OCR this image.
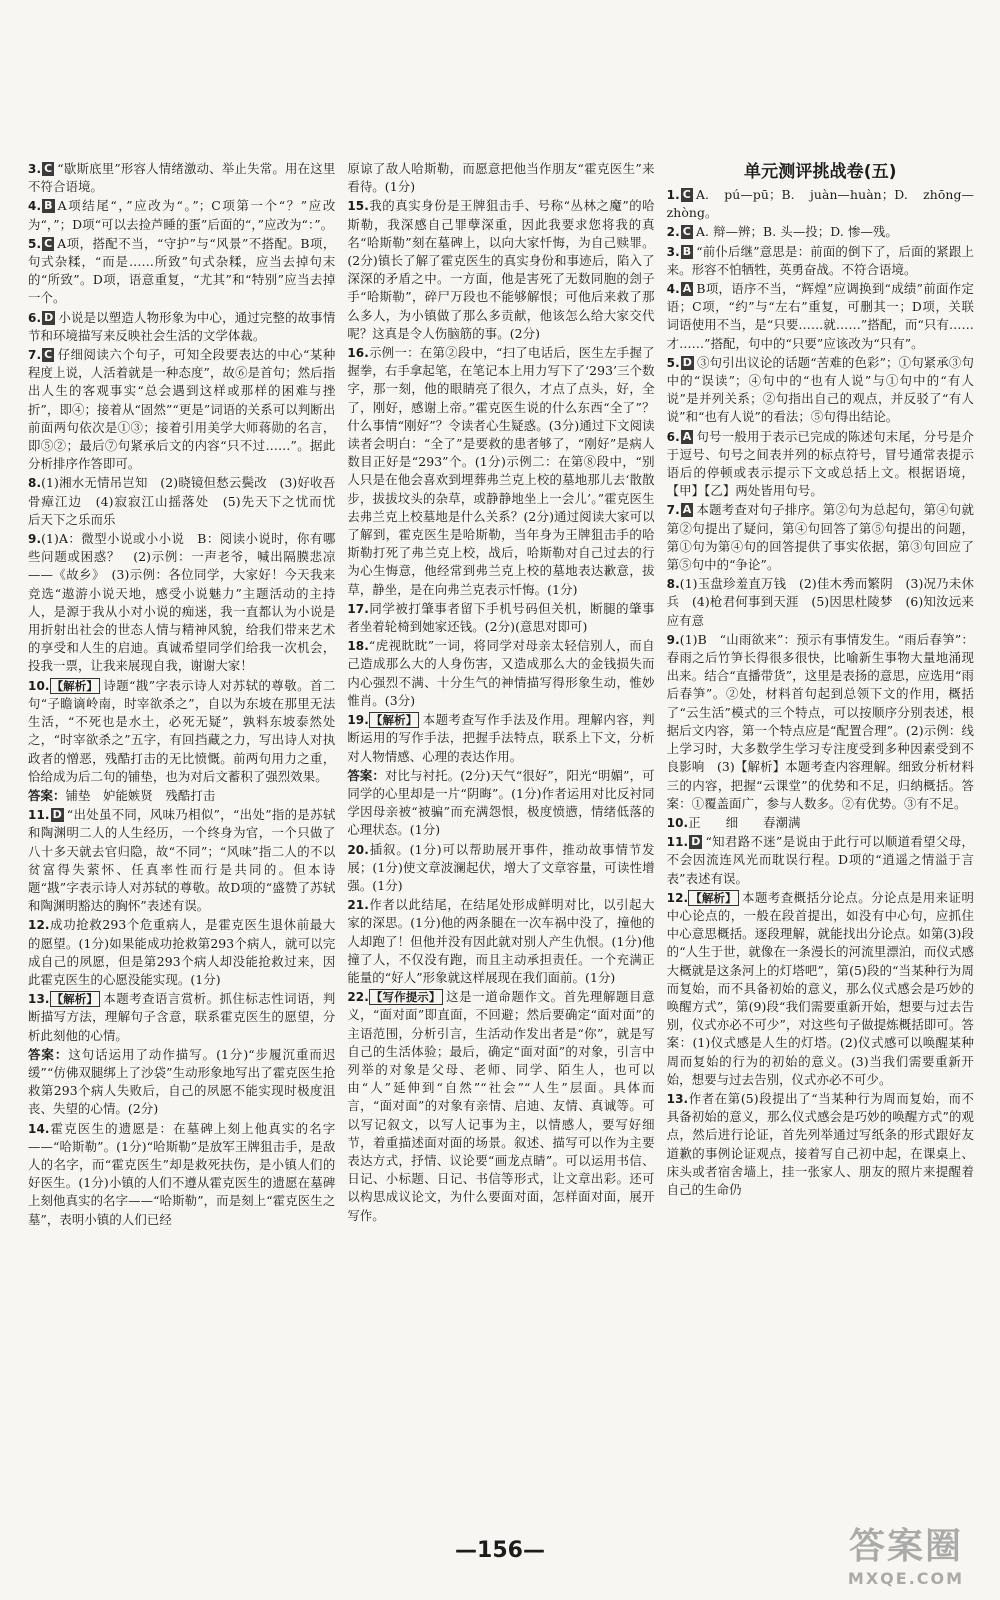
3. C “歇斯底里”形容人情绪激动、举止失常。用在这里不符合语境。
4. B A项结尾“，”应改为“。”；C项第一个“？”应改为“，”；D项“可以去捡芦睡的蛋”后面的“，”应改为“：”。
5. C A项，搭配不当，“守护”与“风景”不搭配。B项，句式杂糅，“而是……所致”句式杂糅，应当去掉句末的“所致”。D项，语意重复，“尤其”和“特别”应当去掉一个。
6. D 小说是以塑造人物形象为中心，通过完整的故事情节和环境描写来反映社会生活的文学体裁。
7. C 仔细阅读六个句子，可知全段要表达的中心“某种程度上说，人活着就是一种态度”，故⑥是首句；然后指出人生的客观事实“总会遇到这样或那样的困难与挫折”，即④；接着从“固然”“更是”词语的关系可以判断出前面两句依次是①③；接着引用美学大师蒋勋的名言，即⑤②；最后⑦句紧承后文的内容“只不过……”。据此分析排序作答即可。
8.(1)湘水无情吊岂知　(2)晓镜但愁云鬓改　(3)好收吾骨瘴江边　(4)寂寂江山摇落处　(5)先天下之忧而忧　后天下之乐而乐
9.(1)A：微型小说或小小说　B：阅读小说时，你有哪些问题或困惑？　(2)示例：一声老爷，喊出隔膜悲凉——《故乡》　(3)示例：各位同学，大家好！今天我来竞选“遨游小说天地，感受小说魅力”主题活动的主持人，是源于我从小对小说的痴迷，我一直都认为小说是用折射出社会的世态人情与精神风貌，给我们带来艺术的享受和人生的启迪。真诚希望同学们给我一次机会，投我一票，让我来展现自我，谢谢大家！
10. 【解析】 诗题“戡”字表示诗人对苏轼的尊敬。首二句“子瞻谪岭南，时宰欲杀之”，自以为东坡在那里无法生活，“不死也是水土，必死无疑”，孰料东坡泰然处之，“时宰欲杀之”五字，有回挡藏之力，写出诗人对执政者的憎恶，残酷打击的无比愤慨。前两句用力之重，恰给成为后二句的铺垫，也为对后文蓄积了强烈效果。
答案：铺垫　妒能嫉贤　残酷打击
11. D “出处虽不同，风味乃相似”，“出处”指的是苏轼和陶渊明二人的人生经历，一个终身为官，一个只做了八十多天就去官归隐，故“不同”；“风味”指二人的不以贫富得失萦怀、任真率性而行是共同的。但本诗题“戡”字表示诗人对苏轼的尊敬。故D项的“盛赞了苏轼和陶渊明豁达的胸怀”表述有误。
12.成功抢救293个危重病人，是霍克医生退休前最大的愿望。(1分)如果能成功抢救第293个病人，就可以完成自己的夙愿，但是第293个病人却没能抢救过来，因此霍克医生的心愿没能实现。(1分)
13. 【解析】 本题考查语言赏析。抓住标志性词语，判断描写方法，理解句子含意，联系霍克医生的愿望，分析此刻他的心情。
答案：这句话运用了动作描写。(1分)“步履沉重而迟缓”“仿佛双腿绑上了沙袋”生动形象地写出了霍克医生抢救第293个病人失败后，自己的夙愿不能实现时极度沮丧、失望的心情。(2分)
14.霍克医生的遗愿是：在墓碑上刻上他真实的名字——“哈斯勒”。(1分)“哈斯勒”是放军王牌狙击手，是敌人的名字，而“霍克医生”却是救死扶伤，是小镇人们的好医生。(1分)小镇的人们不遵从霍克医生的遗愿在墓碑上刻他真实的名字——“哈斯勒”，而是刻上“霍克医生之墓”，表明小镇的人们已经
原谅了敌人哈斯勒，而愿意把他当作朋友“霍克医生”来看待。(1分)
15.我的真实身份是王牌狙击手、号称“丛林之魔”的哈斯勒，我深感自己罪孽深重，因此我要求您将我的真名“哈斯勒”刻在墓碑上，以向大家忏悔，为自己赎罪。(2分)镇长了解了霍克医生的真实身份和事迹后，陷入了深深的矛盾之中。一方面，他是害死了无数同胞的刽子手“哈斯勒”，碎尸万段也不能够解恨；可他后来救了那么多人，为小镇做了那么多贡献，他该怎么给大家交代呢？这真是令人伤脑筋的事。(2分)
16.示例一：在第②段中，“扫了电话后，医生左手握了握拳，右手拿起笔，在笔记本上用力写下了‘293’三个数字，那一刻，他的眼睛亮了很久，才点了点头，好，全了，刚好，感谢上帝。”霍克医生说的什么东西“全了”？什么事情“刚好”？令读者心生疑惑。(3分)通过下文阅读读者会明白：“全了”是要救的患者够了，“刚好”是病人数目正好是“293”个。(1分)示例二：在第⑧段中，“别人只是在他会喜欢到埋葬弗兰克上校的墓地那儿去‘散散步，拔拔坟头的杂草，或静静地坐上一会儿’。”霍克医生去弗兰克上校墓地是什么关系？(2分)通过阅读大家可以了解到，霍克医生是哈斯勒，当年身为王牌狙击手的哈斯勒打死了弗兰克上校，战后，哈斯勒对自己过去的行为心生悔意，他经常到弗兰克上校的墓地表达歉意，拔草，静坐，是在向弗兰克表示忏悔。(1分)
17.同学被打肇事者留下手机号码但关机，断腿的肇事者坐着轮椅到她家还钱。(2分)(意思对即可)
18.“虎视眈眈”一词，将同学对母亲太轻信别人，而自己造成那么大的人身伤害，又造成那么大的金钱损失而内心强烈不满、十分生气的神情描写得形象生动，惟妙惟肖。(3分)
19. 【解析】 本题考查写作手法及作用。理解内容，判断运用的写作手法，把握手法特点，联系上下文，分析对人物情感、心理的表达作用。
答案：对比与衬托。(2分)天气“很好”，阳光“明媚”，可同学的心里却是一片“阴晦”。(1分)作者运用对比反衬同学因母亲被“被骗”而充满怨恨，极度愤懑，情绪低落的心理状态。(1分)
20.插叙。(1分)可以帮助展开事件，推动故事情节发展；(1分)使文章波澜起伏，增大了文章容量，可读性增强。(1分)
21.作者以此结尾，在结尾处形成鲜明对比，以引起大家的深思。(1分)他的两条腿在一次车祸中没了，撞他的人却跑了！但他并没有因此就对别人产生仇恨。(1分)他撞了人，不仅没有跑，而且主动承担责任。一个充满正能量的“好人”形象就这样展现在我们面前。(1分)
22. 【写作提示】 这是一道命题作文。首先理解题目意义，“面对面”即直面，不回避；然后要确定“面对面”的主语范围，分析引言，生活动作发出者是“你”，就是写自己的生活体验；最后，确定“面对面”的对象，引言中列举的对象是父母、老师、同学、陌生人，也可以由“人”延伸到“自然”“社会”“人生”层面。具体而言，“面对面”的对象有亲情、启迪、友情、真诚等。可以写记叙文，以写人记事为主，以情感人，要写好细节，着重描述面对面的场景。叙述、描写可以作为主要表达方式，抒情、议论要“画龙点睛”。可以运用书信、日记、小标题、日记、书信等形式，让文章出彩。还可以构思成议论文，为什么要面对面，怎样面对面，展开写作。
单元测评挑战卷(五)
1. C A. pú—pū；B. juàn—huàn；D. zhōng—zhòng。
2. C A. 辩—辨；B. 头—投；D. 惨—残。
3. B “前仆后继”意思是：前面的倒下了，后面的紧跟上来。形容不怕牺牲，英勇奋战。不符合语境。
4. A B项，语序不当，“辉煌”应调换到“成绩”前面作定语；C项，“约”与“左右”重复，可删其一；D项，关联词语使用不当，是“只要……就……”搭配，而“只有……才……”搭配，句中的“只要”应该改为“只有”。
5. D ③句引出议论的话题“苦难的色彩”；①句紧承③句中的“误读”；④句中的“也有人说”与①句中的“有人说”是并列关系；②句指出自己的观点，并反驳了“有人说”和“也有人说”的看法；⑤句得出结论。
6. A 句号一般用于表示已完成的陈述句末尾，分号是介于逗号、句号之间表并列的标点符号，冒号通常表提示语后的停顿或表示提示下文或总括上文。根据语境，【甲】【乙】两处皆用句号。
7. A 本题考查对句子排序。第②句为总起句，第④句就第②句提出了疑问，第④句回答了第⑤句提出的问题，第①句为第④句的回答提供了事实依据，第③句回应了第⑤句中的“争论”。
8.(1)玉盘珍羞直万钱　(2)佳木秀而繁阴　(3)况乃未休兵　(4)枪君何事到天涯　(5)因思杜陵梦　(6)知汝远来应有意
9.(1)B　“山雨欲来”：预示有事情发生。“雨后春笋”：春雨之后竹笋长得很多很快，比喻新生事物大量地涌现出来。结合“直播带货”，这里是表扬的意思，应选用“雨后春笋”。②处，材料首句起到总领下文的作用，概括了“云生活”模式的三个特点，可以按顺序分别表述，根据后文内容，第一个特点应是“配置合理”。(2)示例：线上学习时，大多数学生学习专注度受到多种因素受到不良影响　(3)【解析】本题考查内容理解。细致分析材料三的内容，把握“云课堂”的优势和不足，归纳概括。答案：①覆盖面广，参与人数多。②有优势。③有不足。
10.正　　细　　春潮满
11. D “知君路不迷”是说由于此行可以顺道看望父母，不会因流连风光而耽误行程。D项的“逍遥之情溢于言表”表述有误。
12. 【解析】 本题考查概括分论点。分论点是用来证明中心论点的，一般在段首提出，如没有中心句，应抓住中心意思概括。逐段理解，就能找出分论点。如第(3)段的“人生于世，就像在一条漫长的河流里漂泊，而仪式感大概就是这条河上的灯塔吧”，第(5)段的“当某种行为周而复始，而不具备初始的意义，那么仪式感会是巧妙的唤醒方式”，第(9)段“我们需要重新开始，想要与过去告别，仪式亦必不可少”，对这些句子做提炼概括即可。答案：(1)仪式感是人生的灯塔。(2)仪式感可以唤醒某种周而复始的行为的初始的意义。(3)当我们需要重新开始，想要与过去告别，仪式亦必不可少。
13.作者在第(5)段提出了“当某种行为周而复始，而不具备初始的意义，那么仪式感会是巧妙的唤醒方式”的观点，然后进行论证，首先列举通过写纸条的形式跟好友道歉的事例论证观点，接着写自己初中起，在课桌上、床头或者宿舍墙上，挂一张家人、朋友的照片来提醒着自己的生命仍
—156—	答案圈
MXQE.COM
